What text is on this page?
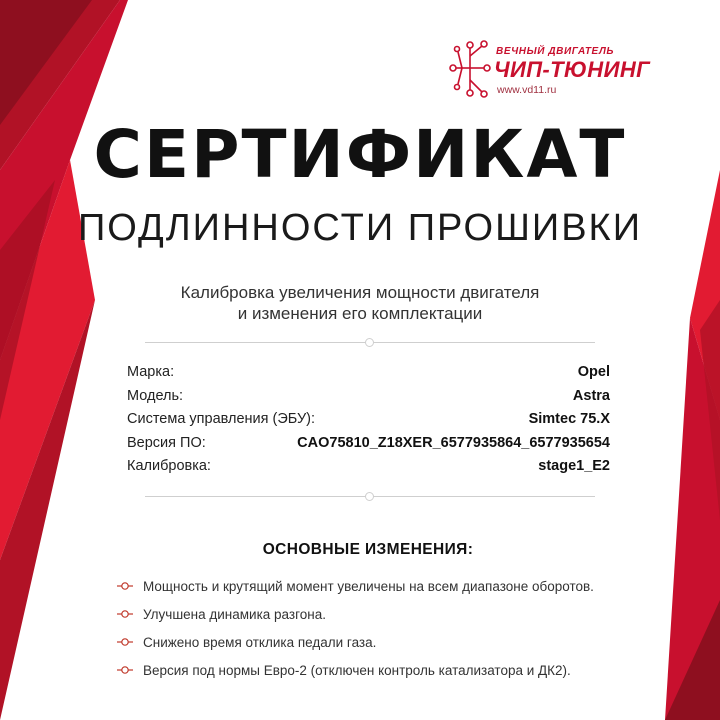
ВЕЧНЫЙ ДВИГАТЕЛЬ
ЧИП-ТЮНИНГ
www.vd11.ru
СЕРТИФИКАТ
ПОДЛИННОСТИ ПРОШИВКИ
Калибровка увеличения мощности двигателя
и изменения его комплектации
Марка:	Opel
Модель:	Astra
Система управления (ЭБУ):	Simtec 75.X
Версия ПО:	CAO75810_Z18XER_6577935864_6577935654
Калибровка:	stage1_E2
ОСНОВНЫЕ ИЗМЕНЕНИЯ:
Мощность и крутящий момент увеличены на всем диапазоне оборотов.
Улучшена динамика разгона.
Снижено время отклика педали газа.
Версия под нормы Евро-2 (отключен контроль катализатора и ДК2).
